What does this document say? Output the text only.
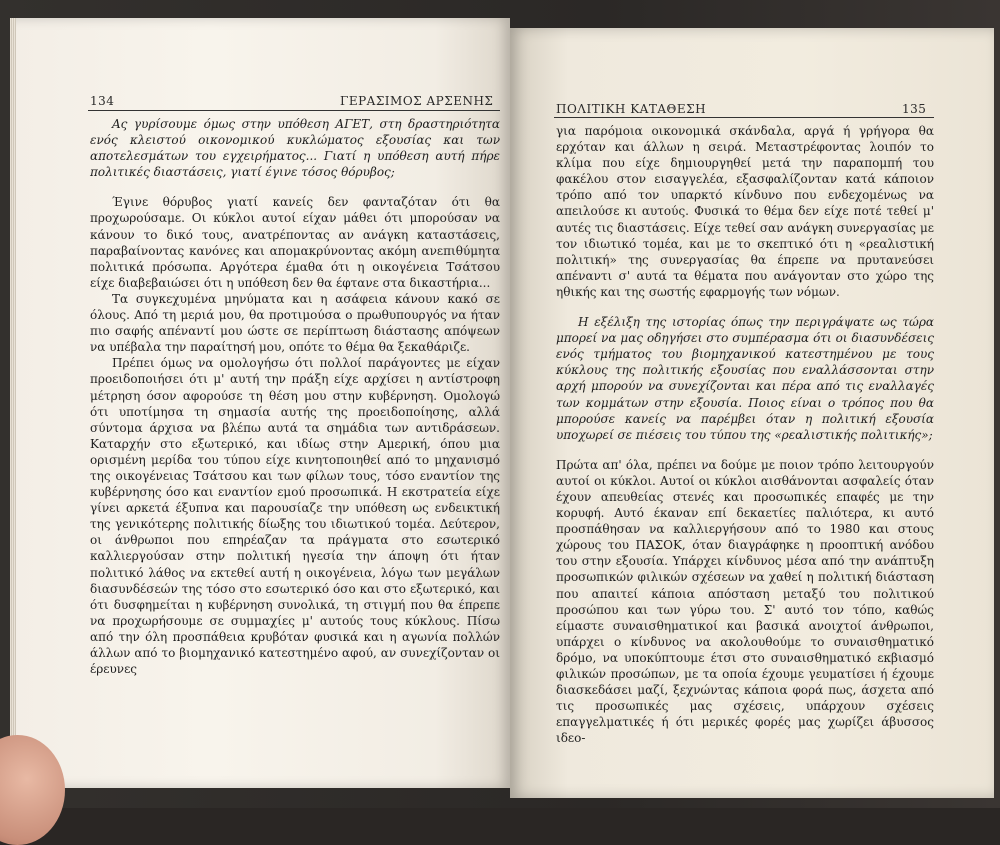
134	ΓΕΡΑΣΙΜΟΣ ΑΡΣΕΝΗΣ

Ας γυρίσουμε όμως στην υπόθεση ΑΓΕΤ, στη δραστηριότητα ενός κλειστού οικονομικού κυκλώματος εξουσίας και των αποτελεσμάτων του εγχειρήματος... Γιατί η υπόθεση αυτή πήρε πολιτικές διαστάσεις, γιατί έγινε τόσος θόρυβος;

Έγινε θόρυβος γιατί κανείς δεν φανταζόταν ότι θα προχωρούσαμε. Οι κύκλοι αυτοί είχαν μάθει ότι μπορούσαν να κάνουν το δικό τους, ανατρέποντας αν ανάγκη καταστάσεις, παραβαίνοντας κανόνες και απομακρύνοντας ακόμη ανεπιθύμητα πολιτικά πρόσωπα. Αργότερα έμαθα ότι η οικογένεια Τσάτσου είχε διαβεβαιώσει ότι η υπόθεση δεν θα έφτανε στα δικαστήρια...

Τα συγκεχυμένα μηνύματα και η ασάφεια κάνουν κακό σε όλους. Από τη μεριά μου, θα προτιμούσα ο πρωθυπουργός να ήταν πιο σαφής απέναντί μου ώστε σε περίπτωση διάστασης απόψεων να υπέβαλα την παραίτησή μου, οπότε το θέμα θα ξεκαθάριζε.

Πρέπει όμως να ομολογήσω ότι πολλοί παράγοντες με είχαν προειδοποιήσει ότι μ' αυτή την πράξη είχε αρχίσει η αντίστροφη μέτρηση όσον αφορούσε τη θέση μου στην κυβέρνηση. Ομολογώ ότι υποτίμησα τη σημασία αυτής της προειδοποίησης, αλλά σύντομα άρχισα να βλέπω αυτά τα σημάδια των αντιδράσεων. Καταρχήν στο εξωτερικό, και ιδίως στην Αμερική, όπου μια ορισμένη μερίδα του τύπου είχε κινητοποιηθεί από το μηχανισμό της οικογένειας Τσάτσου και των φίλων τους, τόσο εναντίον της κυβέρνησης όσο και εναντίον εμού προσωπικά. Η εκστρατεία είχε γίνει αρκετά έξυπνα και παρουσίαζε την υπόθεση ως ενδεικτική της γενικότερης πολιτικής δίωξης του ιδιωτικού τομέα. Δεύτερον, οι άνθρωποι που επηρέαζαν τα πράγματα στο εσωτερικό καλλιεργούσαν στην πολιτική ηγεσία την άποψη ότι ήταν πολιτικό λάθος να εκτεθεί αυτή η οικογένεια, λόγω των μεγάλων διασυνδέσεών της τόσο στο εσωτερικό όσο και στο εξωτερικό, και ότι δυσφημείται η κυβέρνηση συνολικά, τη στιγμή που θα έπρεπε να προχωρήσουμε σε συμμαχίες μ' αυτούς τους κύκλους. Πίσω από την όλη προσπάθεια κρυβόταν φυσικά και η αγωνία πολλών άλλων από το βιομηχανικό κατεστημένο αφού, αν συνεχίζονταν οι έρευνες

ΠΟΛΙΤΙΚΗ ΚΑΤΑΘΕΣΗ	135

για παρόμοια οικονομικά σκάνδαλα, αργά ή γρήγορα θα ερχόταν και άλλων η σειρά. Μεταστρέφοντας λοιπόν το κλίμα που είχε δημιουργηθεί μετά την παραπομπή του φακέλου στον εισαγγελέα, εξασφαλίζονταν κατά κάποιον τρόπο από τον υπαρκτό κίνδυνο που ενδεχομένως να απειλούσε κι αυτούς. Φυσικά το θέμα δεν είχε ποτέ τεθεί μ' αυτές τις διαστάσεις. Είχε τεθεί σαν ανάγκη συνεργασίας με τον ιδιωτικό τομέα, και με το σκεπτικό ότι η «ρεαλιστική πολιτική» της συνεργασίας θα έπρεπε να πρυτανεύσει απέναντι σ' αυτά τα θέματα που ανάγονταν στο χώρο της ηθικής και της σωστής εφαρμογής των νόμων.

Η εξέλιξη της ιστορίας όπως την περιγράψατε ως τώρα μπορεί να μας οδηγήσει στο συμπέρασμα ότι οι διασυνδέσεις ενός τμήματος του βιομηχανικού κατεστημένου με τους κύκλους της πολιτικής εξουσίας που εναλλάσσονται στην αρχή μπορούν να συνεχίζονται και πέρα από τις εναλλαγές των κομμάτων στην εξουσία. Ποιος είναι ο τρόπος που θα μπορούσε κανείς να παρέμβει όταν η πολιτική εξουσία υποχωρεί σε πιέσεις του τύπου της «ρεαλιστικής πολιτικής»;

Πρώτα απ' όλα, πρέπει να δούμε με ποιον τρόπο λειτουργούν αυτοί οι κύκλοι. Αυτοί οι κύκλοι αισθάνονται ασφαλείς όταν έχουν απευθείας στενές και προσωπικές επαφές με την κορυφή. Αυτό έκαναν επί δεκαετίες παλιότερα, κι αυτό προσπάθησαν να καλλιεργήσουν από το 1980 και στους χώρους του ΠΑΣΟΚ, όταν διαγράφηκε η προοπτική ανόδου του στην εξουσία. Υπάρχει κίνδυνος μέσα από την ανάπτυξη προσωπικών φιλικών σχέσεων να χαθεί η πολιτική διάσταση που απαιτεί κάποια απόσταση μεταξύ του πολιτικού προσώπου και των γύρω του. Σ' αυτό τον τόπο, καθώς είμαστε συναισθηματικοί και βασικά ανοιχτοί άνθρωποι, υπάρχει ο κίνδυνος να ακολουθούμε το συναισθηματικό δρόμο, να υποκύπτουμε έτσι στο συναισθηματικό εκβιασμό φιλικών προσώπων, με τα οποία έχουμε γευματίσει ή έχουμε διασκεδάσει μαζί, ξεχνώντας κάποια φορά πως, άσχετα από τις προσωπικές μας σχέσεις, υπάρχουν σχέσεις επαγγελματικές ή ότι μερικές φορές μας χωρίζει άβυσσος ιδεο-
